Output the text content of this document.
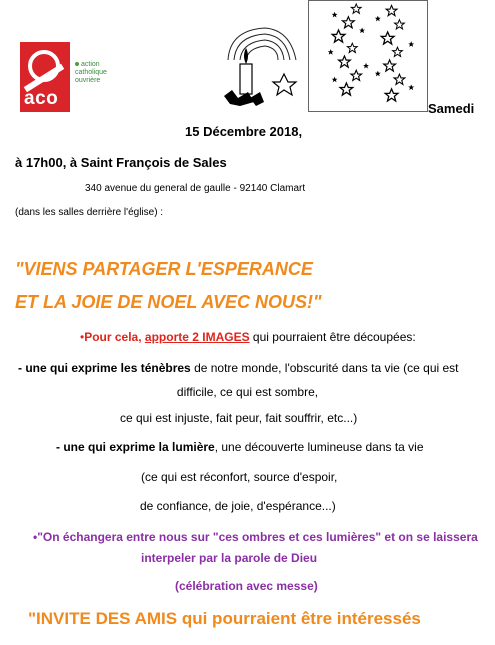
aco
action
catholique
ouvrière
Samedi
15 Décembre 2018,
à 17h00, à Saint François de Sales
340 avenue du general de gaulle - 92140 Clamart
(dans les salles derrière l'église) :
"VIENS PARTAGER L'ESPERANCE
ET LA JOIE DE NOEL AVEC NOUS!"
•Pour cela, apporte 2 IMAGES qui pourraient être découpées:
- une qui exprime les ténèbres de notre monde, l'obscurité dans ta vie (ce qui est
difficile, ce qui est sombre,
ce qui est injuste, fait peur, fait souffrir, etc...)
- une qui exprime la lumière, une découverte lumineuse dans ta vie
(ce qui est réconfort, source d'espoir,
de confiance, de joie, d'espérance...)
•"On échangera entre nous sur "ces ombres et ces lumières" et on se laissera
interpeler par la parole de Dieu
(célébration avec messe)
"INVITE DES AMIS qui pourraient être intéressés
